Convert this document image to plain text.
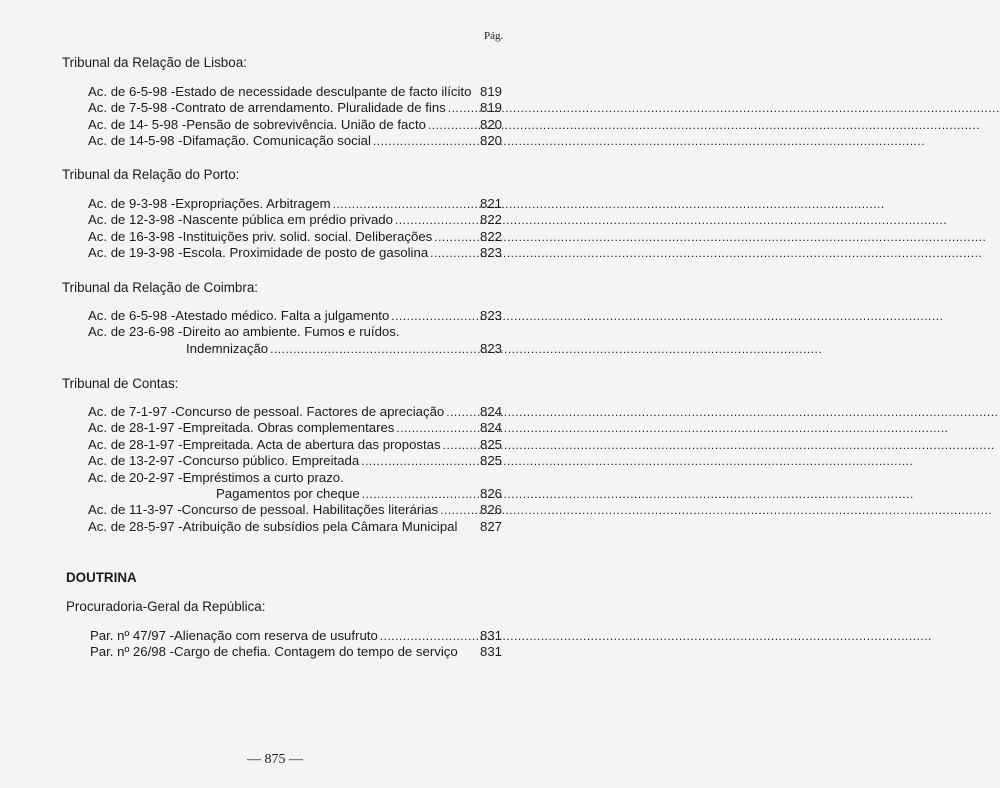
Pág.
Tribunal da Relação de Lisboa:
Ac. de 6-5-98 - Estado de necessidade desculpante de facto ilícito 819
Ac. de 7-5-98 - Contrato de arrendamento. Pluralidade de fins .....	819
Ac. de 14- 5-98 - Pensão de sobrevivência. União de facto .....	820
Ac. de 14-5-98 - Difamação. Comunicação social .....	820
Tribunal da Relação do Porto:
Ac. de 9-3-98 - Expropriações. Arbitragem .....	821
Ac. de 12-3-98 - Nascente pública em prédio privado .....	822
Ac. de 16-3-98 - Instituições priv. solid. social. Deliberações .....	822
Ac. de 19-3-98 - Escola. Proximidade de posto de gasolina .....	823
Tribunal da Relação de Coimbra:
Ac. de 6-5-98 - Atestado médico. Falta a julgamento .....	823
Ac. de 23-6-98 - Direito ao ambiente. Fumos e ruídos.
Indemnização .....	823
Tribunal de Contas:
Ac. de 7-1-97 - Concurso de pessoal. Factores de apreciação .....	824
Ac. de 28-1-97 - Empreitada. Obras complementares .....	824
Ac. de 28-1-97 - Empreitada. Acta de abertura das propostas .....	825
Ac. de 13-2-97 - Concurso público. Empreitada .....	825
Ac. de 20-2-97 - Empréstimos a curto prazo.
Pagamentos por cheque .....	826
Ac. de 11-3-97 - Concurso de pessoal. Habilitações literárias .....	826
Ac. de 28-5-97 - Atribuição de subsídios pela Câmara Municipal 827
DOUTRINA
Procuradoria-Geral da República:
Par. nº 47/97 - Alienação com reserva de usufruto .....	831
Par. nº 26/98 - Cargo de chefia. Contagem do tempo de serviço 831
— 875 —
